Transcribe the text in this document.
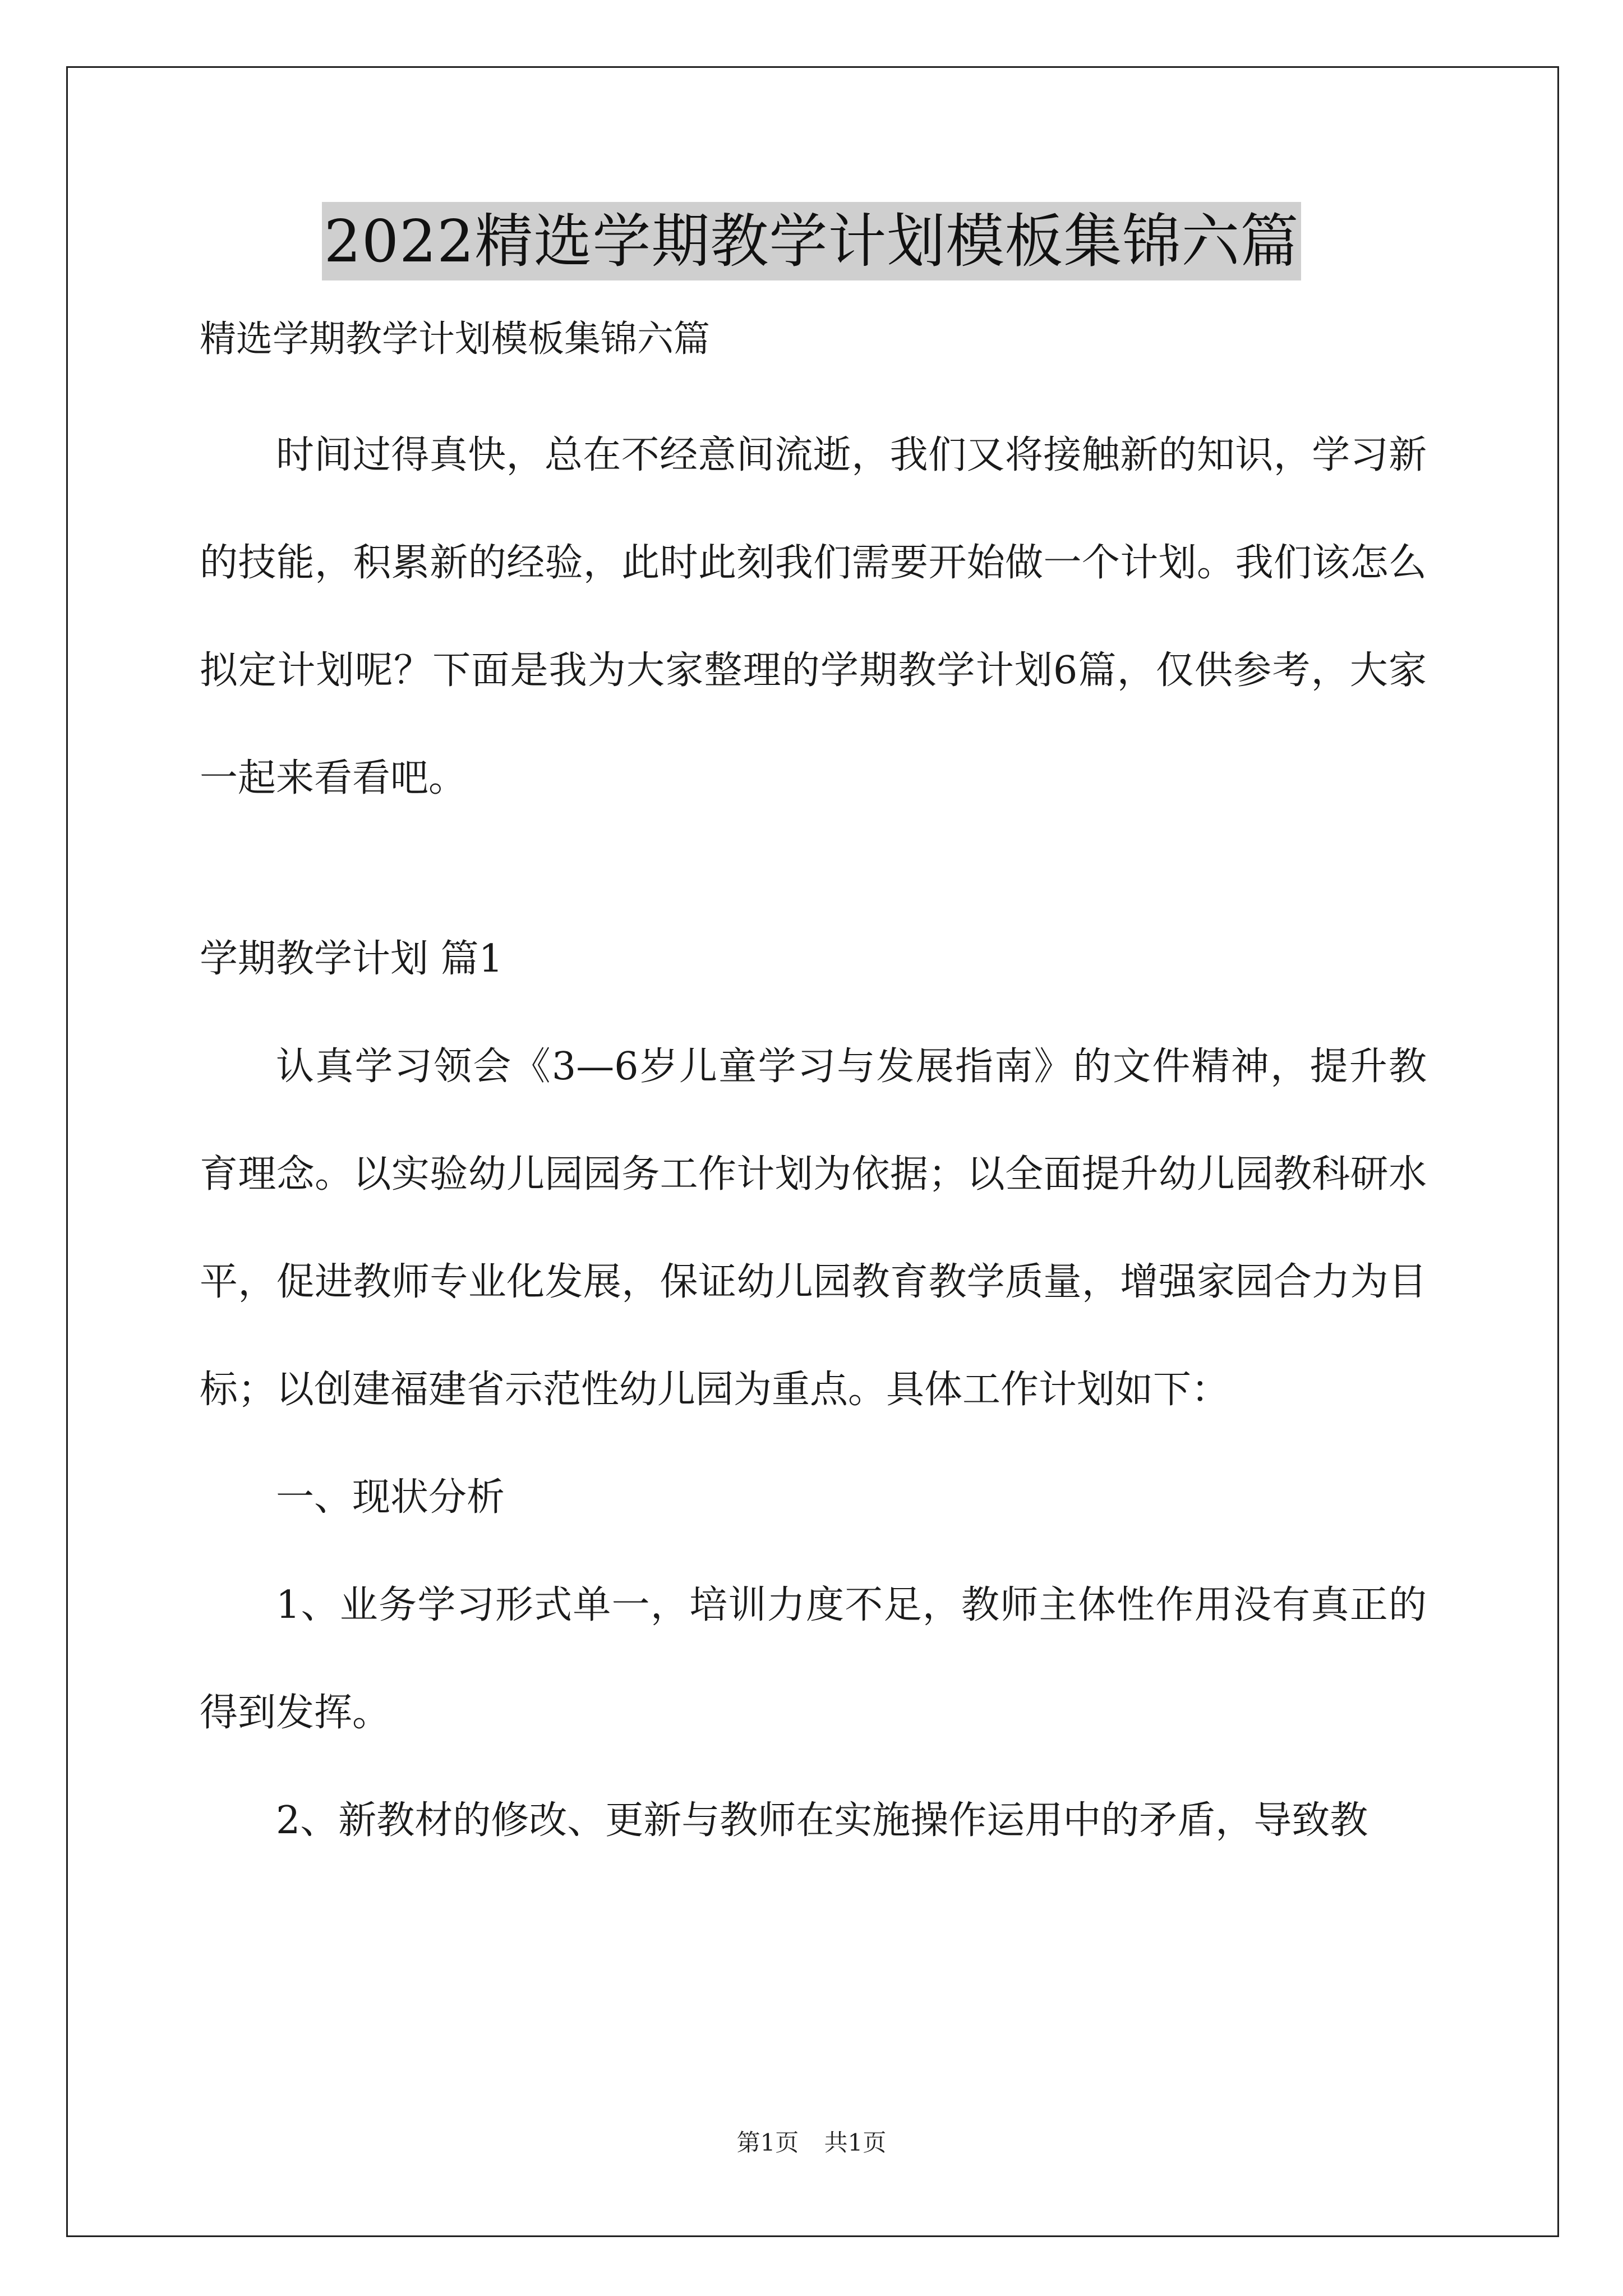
2022精选学期教学计划模板集锦六篇

精选学期教学计划模板集锦六篇

时间过得真快，总在不经意间流逝，我们又将接触新的知识，学习新的技能，积累新的经验，此时此刻我们需要开始做一个计划。我们该怎么拟定计划呢？下面是我为大家整理的学期教学计划6篇，仅供参考，大家一起来看看吧。

学期教学计划 篇1

认真学习领会《3—6岁儿童学习与发展指南》的文件精神，提升教育理念。以实验幼儿园园务工作计划为依据；以全面提升幼儿园教科研水平，促进教师专业化发展，保证幼儿园教育教学质量，增强家园合力为目标；以创建福建省示范性幼儿园为重点。具体工作计划如下：

一、现状分析

1、业务学习形式单一，培训力度不足，教师主体性作用没有真正的得到发挥。

2、新教材的修改、更新与教师在实施操作运用中的矛盾，导致教

第1页 共1页
